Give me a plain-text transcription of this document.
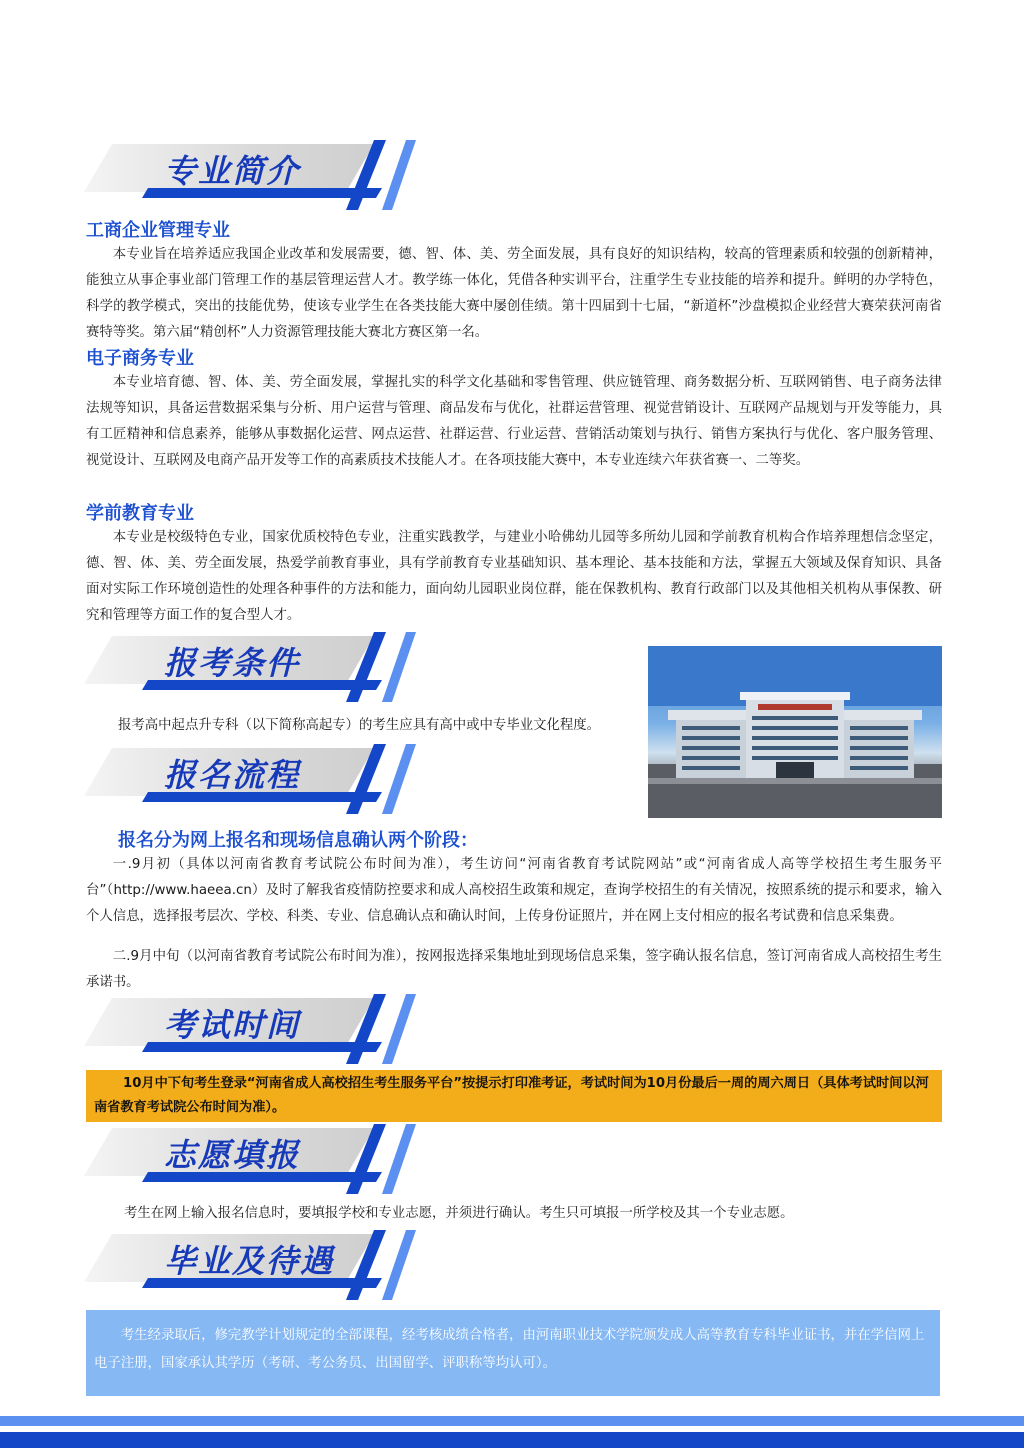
专业简介
工商企业管理专业

本专业旨在培养适应我国企业改革和发展需要，德、智、体、美、劳全面发展，具有良好的知识结构，较高的管理素质和较强的创新精神，能独立从事企事业部门管理工作的基层管理运营人才。教学练一体化，凭借各种实训平台，注重学生专业技能的培养和提升。鲜明的办学特色，科学的教学模式，突出的技能优势，使该专业学生在各类技能大赛中屡创佳绩。第十四届到十七届，“新道杯”沙盘模拟企业经营大赛荣获河南省赛特等奖。第六届“精创杯”人力资源管理技能大赛北方赛区第一名。

电子商务专业

本专业培育德、智、体、美、劳全面发展，掌握扎实的科学文化基础和零售管理、供应链管理、商务数据分析、互联网销售、电子商务法律法规等知识，具备运营数据采集与分析、用户运营与管理、商品发布与优化，社群运营管理、视觉营销设计、互联网产品规划与开发等能力，具有工匠精神和信息素养，能够从事数据化运营、网点运营、社群运营、行业运营、营销活动策划与执行、销售方案执行与优化、客户服务管理、视觉设计、互联网及电商产品开发等工作的高素质技术技能人才。在各项技能大赛中，本专业连续六年获省赛一、二等奖。

学前教育专业

本专业是校级特色专业，国家优质校特色专业，注重实践教学，与建业小哈佛幼儿园等多所幼儿园和学前教育机构合作培养理想信念坚定，德、智、体、美、劳全面发展，热爱学前教育事业，具有学前教育专业基础知识、基本理论、基本技能和方法，掌握五大领域及保育知识、具备面对实际工作环境创造性的处理各种事件的方法和能力，面向幼儿园职业岗位群，能在保教机构、教育行政部门以及其他相关机构从事保教、研究和管理等方面工作的复合型人才。

报考条件

报考高中起点升专科（以下简称高起专）的考生应具有高中或中专毕业文化程度。

报名流程
报名分为网上报名和现场信息确认两个阶段：

一.9月初（具体以河南省教育考试院公布时间为准），考生访问“河南省教育考试院网站”或“河南省成人高等学校招生考生服务平台”（http://www.haeea.cn）及时了解我省疫情防控要求和成人高校招生政策和规定，查询学校招生的有关情况，按照系统的提示和要求，输入个人信息，选择报考层次、学校、科类、专业、信息确认点和确认时间，上传身份证照片，并在网上支付相应的报名考试费和信息采集费。

二.9月中旬（以河南省教育考试院公布时间为准），按网报选择采集地址到现场信息采集，签字确认报名信息，签订河南省成人高校招生考生承诺书。

考试时间

10月中下旬考生登录“河南省成人高校招生考生服务平台”按提示打印准考证，考试时间为10月份最后一周的周六周日（具体考试时间以河南省教育考试院公布时间为准）。

志愿填报

考生在网上输入报名信息时，要填报学校和专业志愿，并须进行确认。考生只可填报一所学校及其一个专业志愿。

毕业及待遇

考生经录取后，修完教学计划规定的全部课程，经考核成绩合格者，由河南职业技术学院颁发成人高等教育专科毕业证书，并在学信网上电子注册，国家承认其学历（考研、考公务员、出国留学、评职称等均认可）。
